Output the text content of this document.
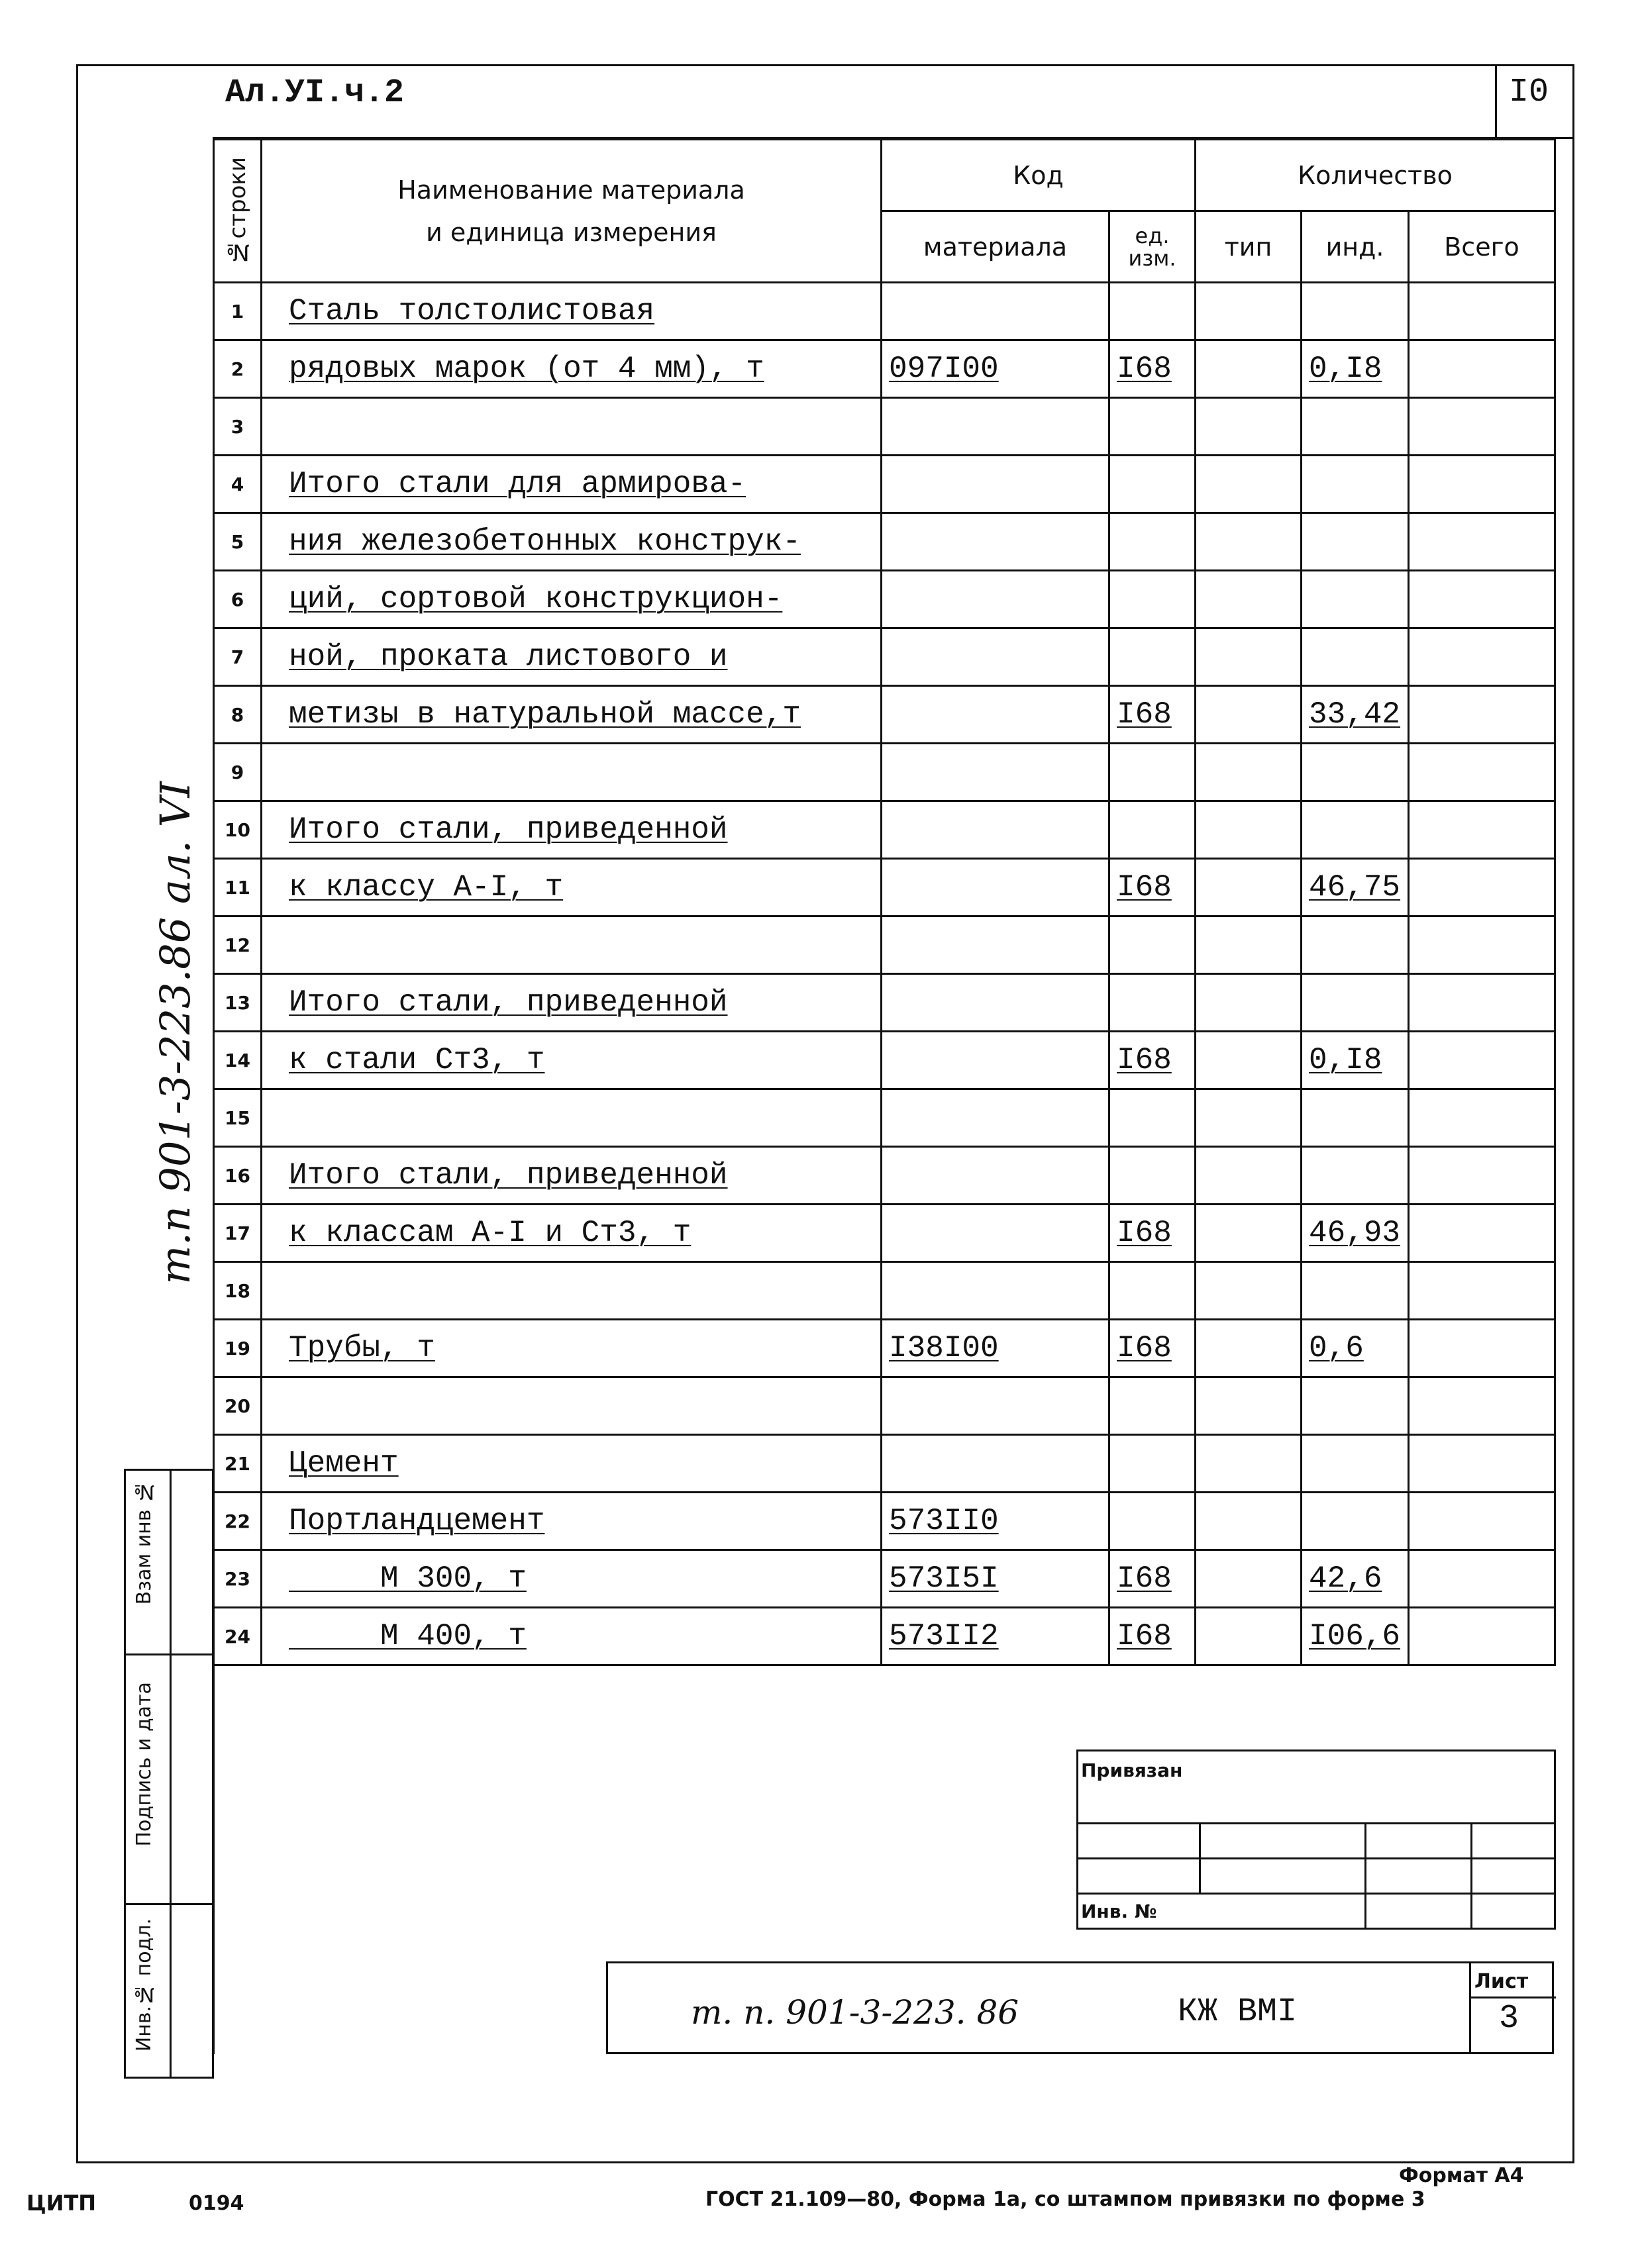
Ал.УI.ч.2	I0
№строки	Наименование материала
и единица измерения	Код		Количество		
		материала	ед. изм.	тип	инд.	Всего
1	Сталь толстолистовая					
2	рядовых марок (от 4 мм), т	097I00	I68		0,I8	
3						
4	Итого стали для армирова-					
5	ния железобетонных конструк-					
6	ций, сортовой конструкцион-					
7	ной, проката листового и					
8	метизы в натуральной массе,т		I68		33,42	
9						
10	Итого стали, приведенной					
11	к классу А-I, т		I68		46,75	
12						
13	Итого стали, приведенной					
14	к стали Ст3, т		I68		0,I8	
15						
16	Итого стали, приведенной					
17	к классам А-I и Ст3, т		I68		46,93	
18						
19	Трубы, т	I38I00	I68		0,6	
20						
21	Цемент					
22	Портландцемент	573II0				
23	М 300, т	573I5I	I68		42,6	
24	М 400, т	573II2	I68		I06,6	
Взам инв №
Подпись и дата
Инв.№ подл.
т.п 901-3-223.86 ал. VI
Привязан			

Инв. №			
т. п. 901-3-223. 86	КЖ ВМI
Лист
3
Формат А4
ЦИТП	0194	ГОСТ 21.109—80, Форма 1а, со штампом привязки по форме 3
